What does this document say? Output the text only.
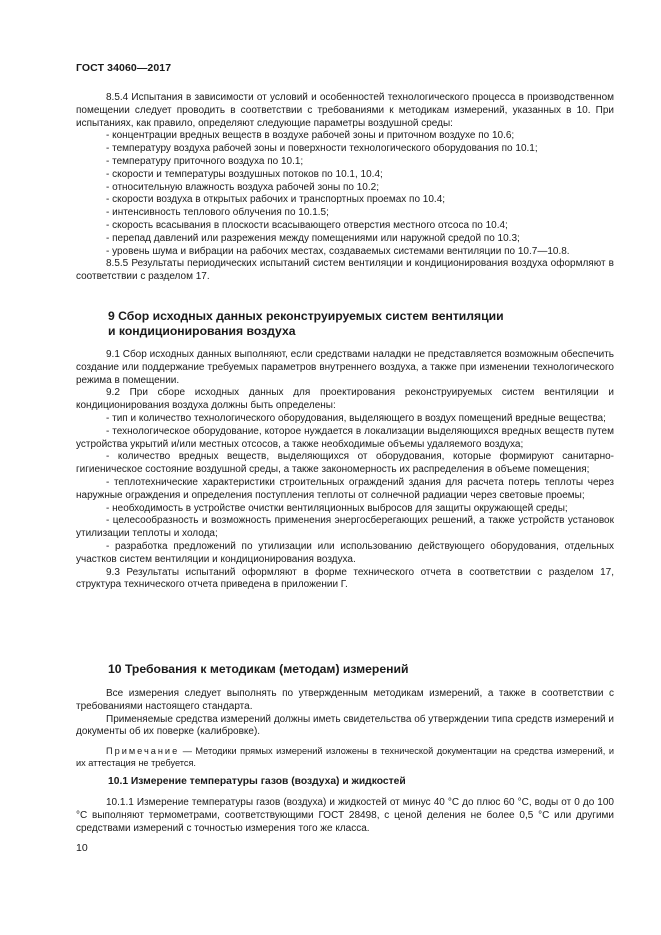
ГОСТ 34060—2017

8.5.4 Испытания в зависимости от условий и особенностей технологического процесса в производственном помещении следует проводить в соответствии с требованиями к методикам измерений, указанных в 10. При испытаниях, как правило, определяют следующие параметры воздушной среды:

- концентрации вредных веществ в воздухе рабочей зоны и приточном воздухе по 10.6;

- температуру воздуха рабочей зоны и поверхности технологического оборудования по 10.1;

- температуру приточного воздуха по 10.1;

- скорости и температуры воздушных потоков по 10.1, 10.4;

- относительную влажность воздуха рабочей зоны по 10.2;

- скорости воздуха в открытых рабочих и транспортных проемах по 10.4;

- интенсивность теплового облучения по 10.1.5;

- скорость всасывания в плоскости всасывающего отверстия местного отсоса по 10.4;

- перепад давлений или разрежения между помещениями или наружной средой по 10.3;

- уровень шума и вибрации на рабочих местах, создаваемых системами вентиляции по 10.7—10.8.

8.5.5 Результаты периодических испытаний систем вентиляции и кондиционирования воздуха оформляют в соответствии с разделом 17.

9 Сбор исходных данных реконструируемых систем вентиляции
и кондиционирования воздуха

9.1 Сбор исходных данных выполняют, если средствами наладки не представляется возможным обеспечить создание или поддержание требуемых параметров внутреннего воздуха, а также при изменении технологического режима в помещении.

9.2 При сборе исходных данных для проектирования реконструируемых систем вентиляции и кондиционирования воздуха должны быть определены:

- тип и количество технологического оборудования, выделяющего в воздух помещений вредные вещества;

- технологическое оборудование, которое нуждается в локализации выделяющихся вредных веществ путем устройства укрытий и/или местных отсосов, а также необходимые объемы удаляемого воздуха;

- количество вредных веществ, выделяющихся от оборудования, которые формируют санитарно-гигиеническое состояние воздушной среды, а также закономерность их распределения в объеме помещения;

- теплотехнические характеристики строительных ограждений здания для расчета потерь теплоты через наружные ограждения и определения поступления теплоты от солнечной радиации через световые проемы;

- необходимость в устройстве очистки вентиляционных выбросов для защиты окружающей среды;

- целесообразность и возможность применения энергосберегающих решений, а также устройств установок утилизации теплоты и холода;

- разработка предложений по утилизации или использованию действующего оборудования, отдельных участков систем вентиляции и кондиционирования воздуха.

9.3 Результаты испытаний оформляют в форме технического отчета в соответствии с разделом 17, структура технического отчета приведена в приложении Г.

10 Требования к методикам (методам) измерений

Все измерения следует выполнять по утвержденным методикам измерений, а также в соответствии с требованиями настоящего стандарта.

Применяемые средства измерений должны иметь свидетельства об утверждении типа средств измерений и документы об их поверке (калибровке).

Примечание — Методики прямых измерений изложены в технической документации на средства измерений, и их аттестация не требуется.

10.1 Измерение температуры газов (воздуха) и жидкостей

10.1.1 Измерение температуры газов (воздуха) и жидкостей от минус 40 °С до плюс 60 °С, воды от 0 до 100 °С выполняют термометрами, соответствующими ГОСТ 28498, с ценой деления не более 0,5 °С или другими средствами измерений с точностью измерения того же класса.

10
